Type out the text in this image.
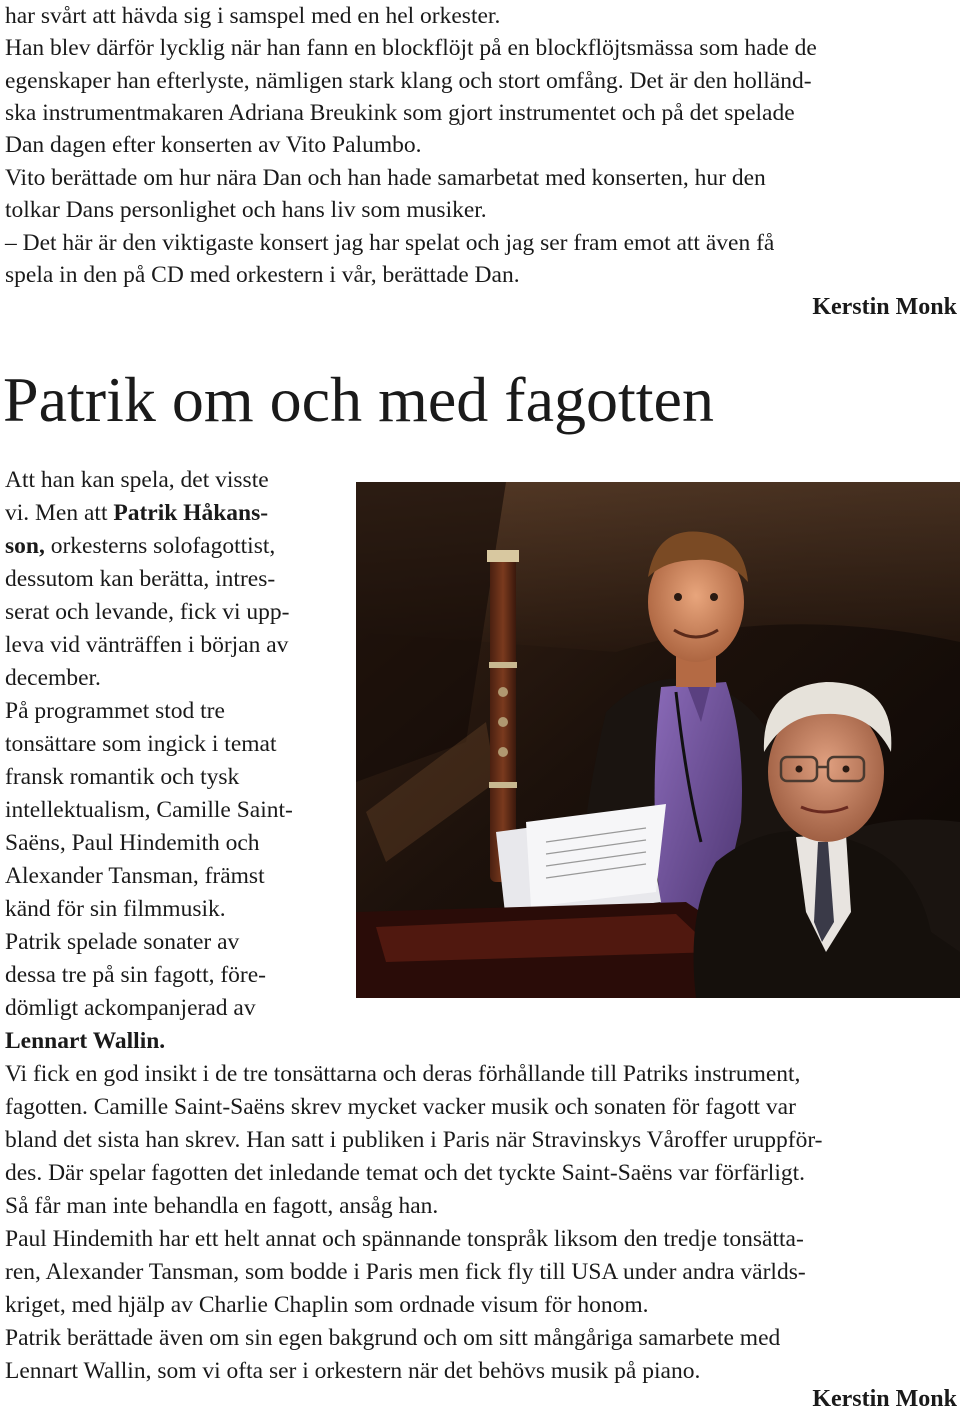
har svårt att hävda sig i samspel med en hel orkester.
Han blev därför lycklig när han fann en blockflöjt på en blockflöjtsmässa som hade de
egenskaper han efterlyste, nämligen stark klang och stort omfång. Det är den holländ-
ska instrumentmakaren Adriana Breukink som gjort instrumentet och på det spelade
Dan dagen efter konserten av Vito Palumbo.
Vito berättade om hur nära Dan och han hade samarbetat med konserten, hur den
tolkar Dans personlighet och hans liv som musiker.
– Det här är den viktigaste konsert jag har spelat och jag ser fram emot att även få
spela in den på CD med orkestern i vår, berättade Dan.
Kerstin Monk
Patrik om och med fagotten
Att han kan spela, det visste
vi. Men att Patrik Håkans-
son, orkesterns solofagottist,
dessutom kan berätta, intres-
serat och levande, fick vi upp-
leva vid vänträffen i början av
december.
På programmet stod tre
tonsättare som ingick i temat
fransk romantik och tysk
intellektualism, Camille Saint-
Saëns, Paul Hindemith och
Alexander Tansman, främst
känd för sin filmmusik.
Patrik spelade sonater av
dessa tre på sin fagott, före-
dömligt ackompanjerad av
Lennart Wallin.
Vi fick en god insikt i de tre tonsättarna och deras förhållande till Patriks instrument,
fagotten. Camille Saint-Saëns skrev mycket vacker musik och sonaten för fagott var
bland det sista han skrev. Han satt i publiken i Paris när Stravinskys Våroffer uruppför-
des. Där spelar fagotten det inledande temat och det tyckte Saint-Saëns var förfärligt.
Så får man inte behandla en fagott, ansåg han.
Paul Hindemith har ett helt annat och spännande tonspråk liksom den tredje tonsätta-
ren, Alexander Tansman, som bodde i Paris men fick fly till USA under andra världs-
kriget, med hjälp av Charlie Chaplin som ordnade visum för honom.
Patrik berättade även om sin egen bakgrund och om sitt mångåriga samarbete med
Lennart Wallin, som vi ofta ser i orkestern när det behövs musik på piano.
Kerstin Monk
